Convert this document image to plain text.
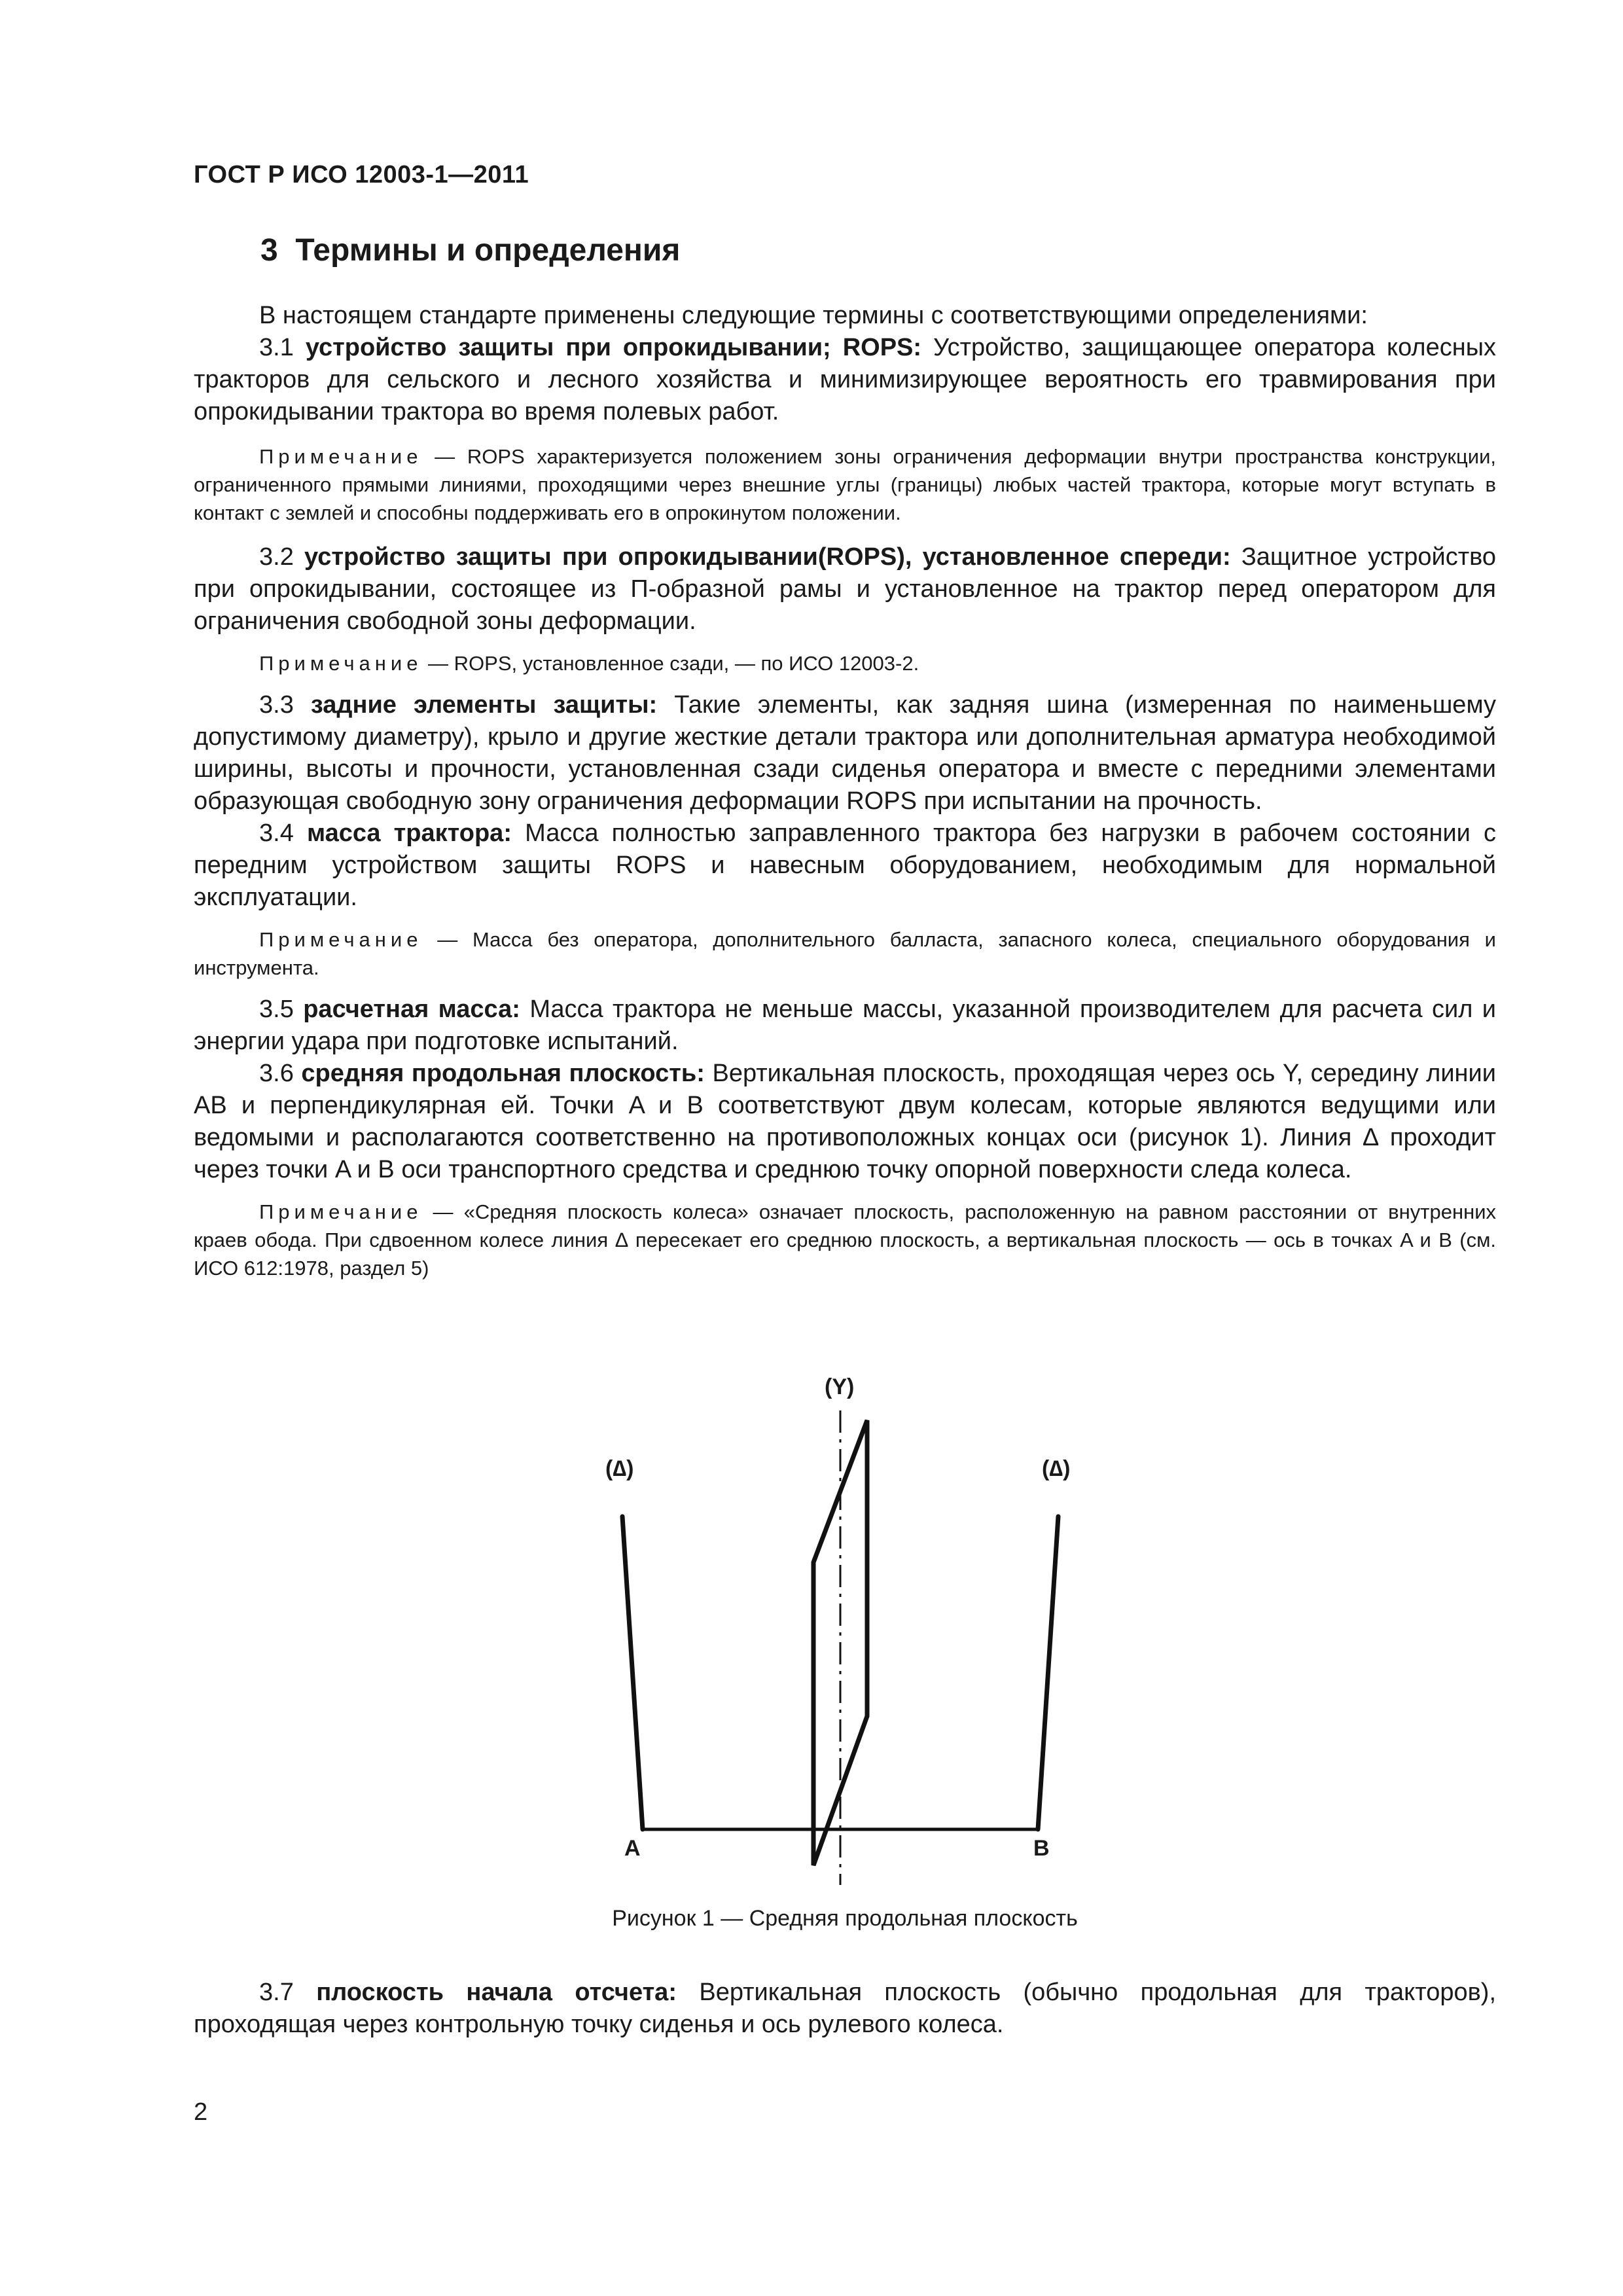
ГОСТ Р ИСО 12003-1—2011
3 Термины и определения

В настоящем стандарте применены следующие термины с соответствующими определениями:

3.1 устройство защиты при опрокидывании; ROPS: Устройство, защищающее оператора колесных тракторов для сельского и лесного хозяйства и минимизирующее вероятность его травмирования при опрокидывании трактора во время полевых работ.

Примечание — ROPS характеризуется положением зоны ограничения деформации внутри пространства конструкции, ограниченного прямыми линиями, проходящими через внешние углы (границы) любых частей трактора, которые могут вступать в контакт с землей и способны поддерживать его в опрокинутом положении.

3.2 устройство защиты при опрокидывании(ROPS), установленное спереди: Защитное устройство при опрокидывании, состоящее из П-образной рамы и установленное на трактор перед оператором для ограничения свободной зоны деформации.

Примечание — ROPS, установленное сзади, — по ИСО 12003-2.

3.3 задние элементы защиты: Такие элементы, как задняя шина (измеренная по наименьшему допустимому диаметру), крыло и другие жесткие детали трактора или дополнительная арматура необходимой ширины, высоты и прочности, установленная сзади сиденья оператора и вместе с передними элементами образующая свободную зону ограничения деформации ROPS при испытании на прочность.

3.4 масса трактора: Масса полностью заправленного трактора без нагрузки в рабочем состоянии с передним устройством защиты ROPS и навесным оборудованием, необходимым для нормальной эксплуатации.

Примечание — Масса без оператора, дополнительного балласта, запасного колеса, специального оборудования и инструмента.

3.5 расчетная масса: Масса трактора не меньше массы, указанной производителем для расчета сил и энергии удара при подготовке испытаний.

3.6 средняя продольная плоскость: Вертикальная плоскость, проходящая через ось Y, середину линии AB и перпендикулярная ей. Точки A и B соответствуют двум колесам, которые являются ведущими или ведомыми и располагаются соответственно на противоположных концах оси (рисунок 1). Линия ∆ проходит через точки A и B оси транспортного средства и среднюю точку опорной поверхности следа колеса.

Примечание — «Средняя плоскость колеса» означает плоскость, расположенную на равном расстоянии от внутренних краев обода. При сдвоенном колесе линия ∆ пересекает его среднюю плоскость, а вертикальная плоскость — ось в точках A и B (см. ИСО 612:1978, раздел 5)

(Y)
(∆)	(∆)
A	B
Рисунок 1 — Средняя продольная плоскость

3.7 плоскость начала отсчета: Вертикальная плоскость (обычно продольная для тракторов), проходящая через контрольную точку сиденья и ось рулевого колеса.

2
